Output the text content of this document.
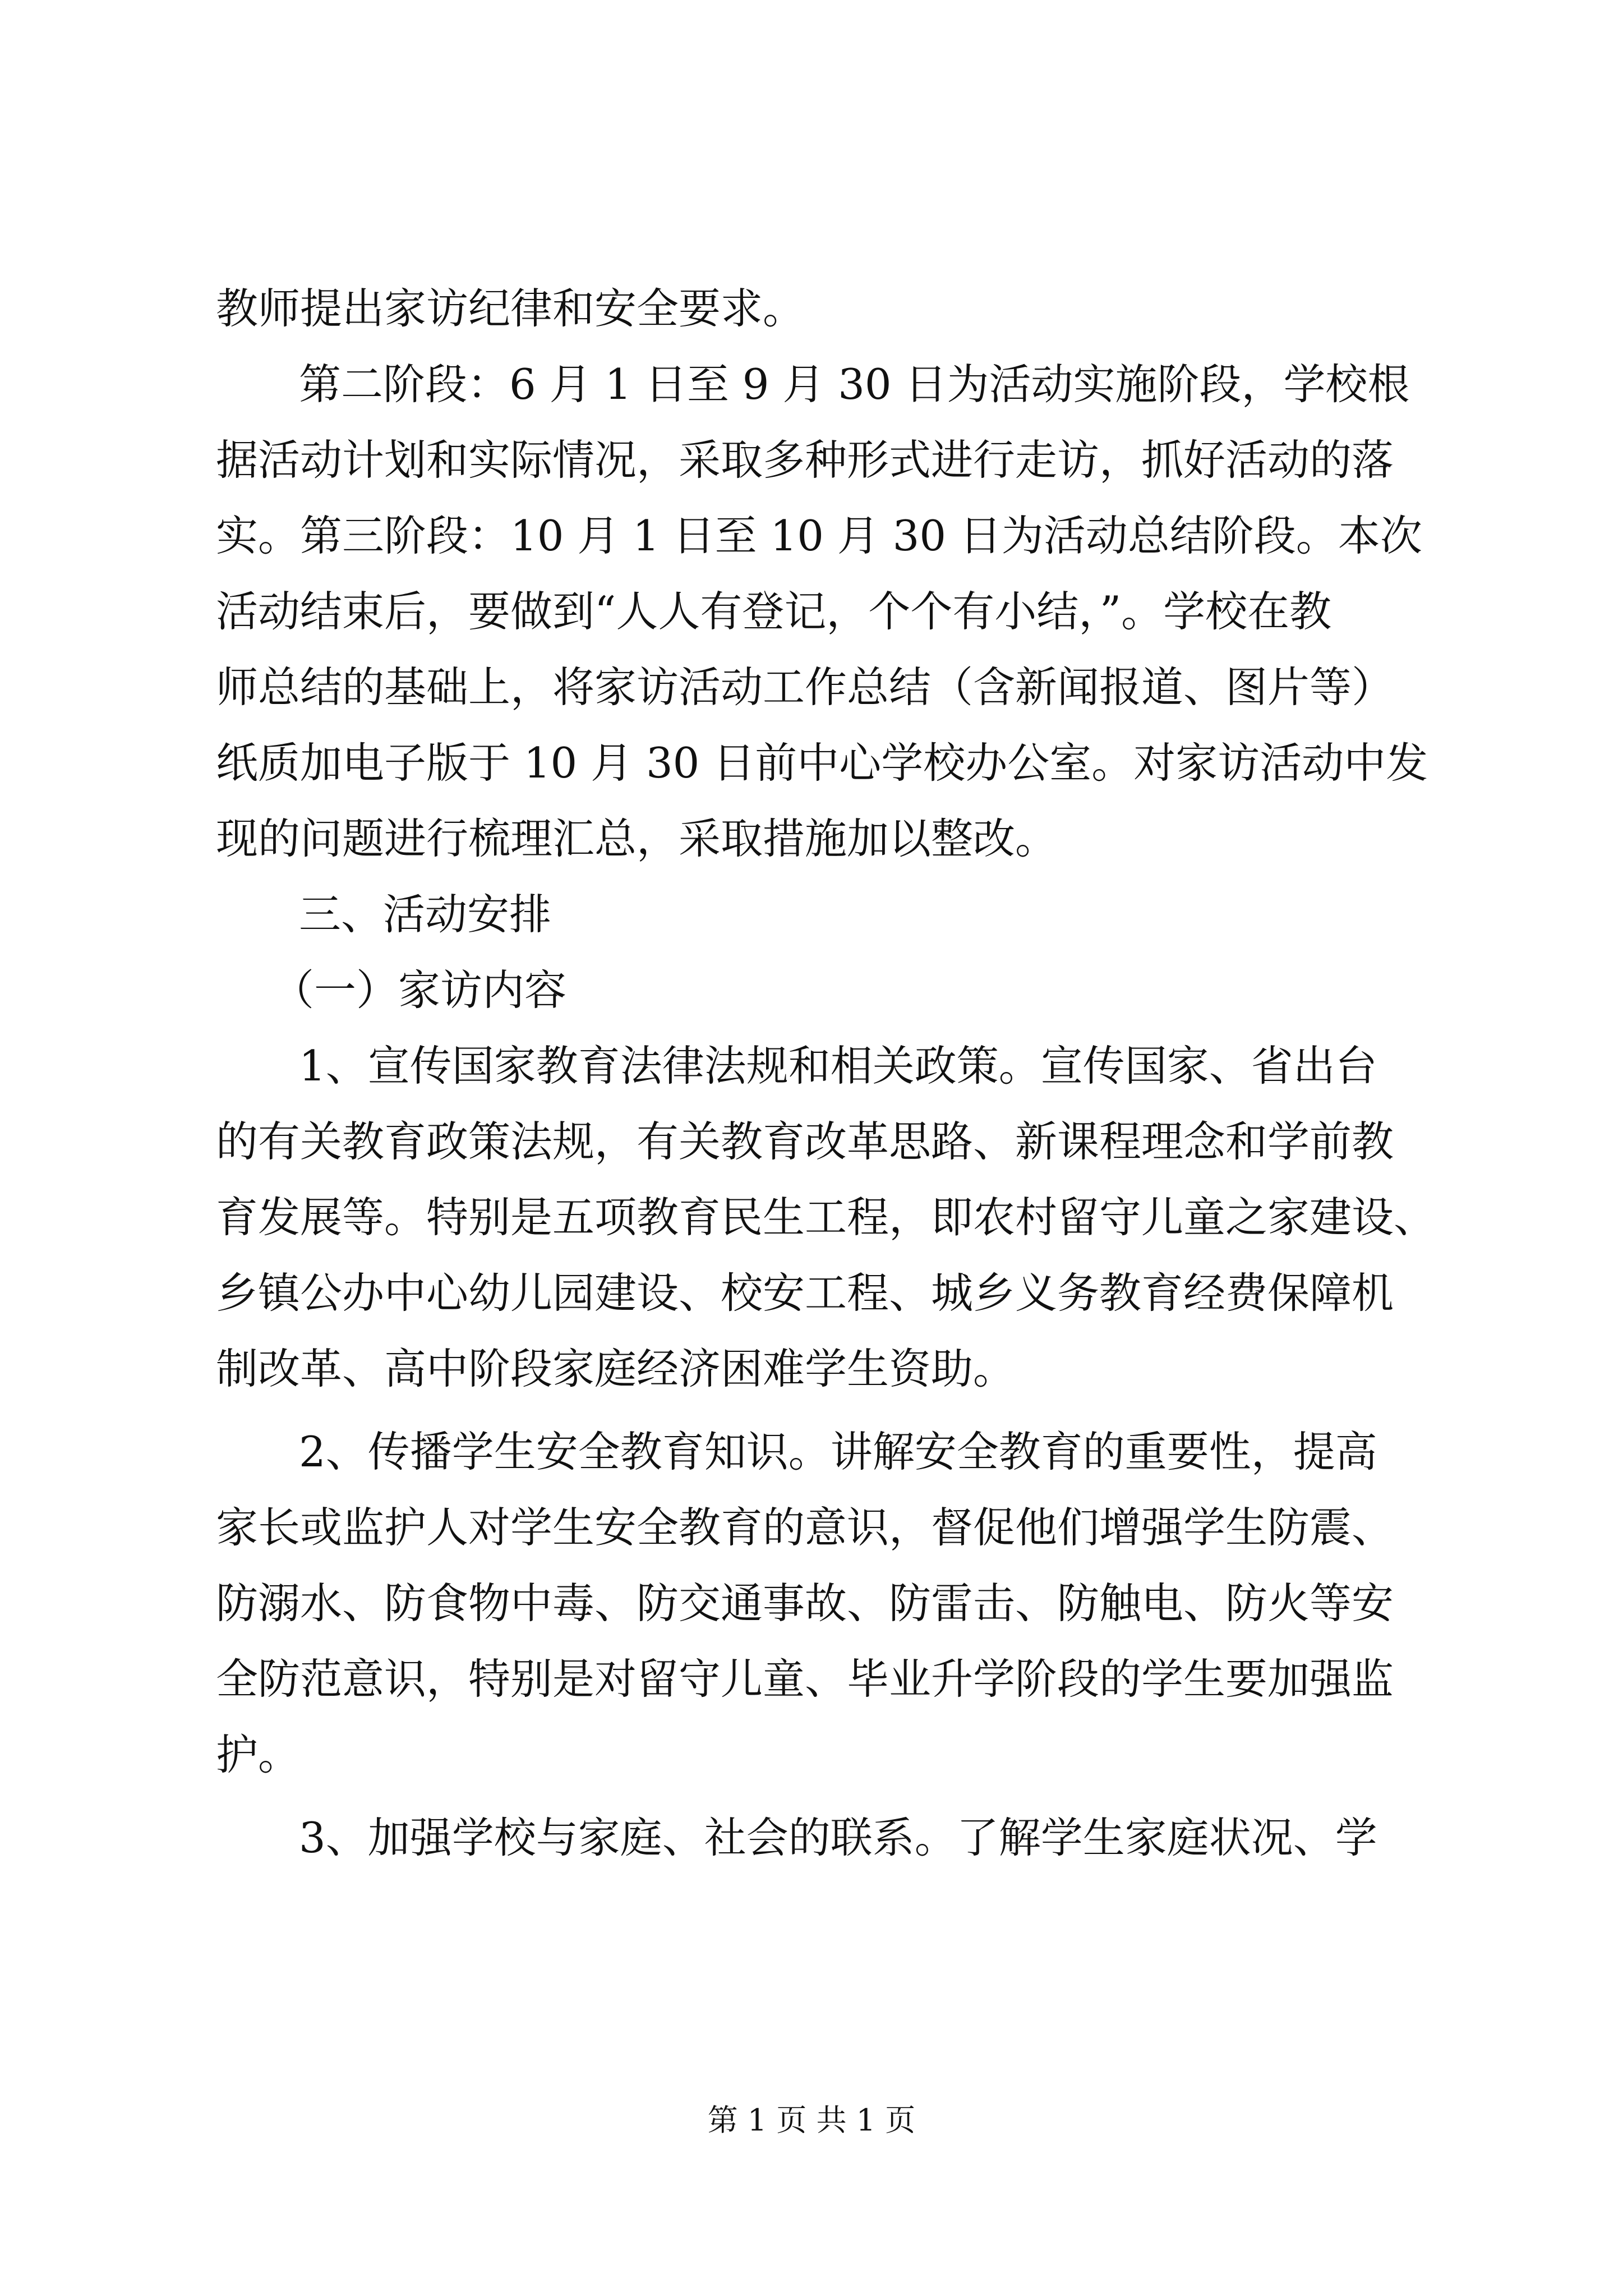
教师提出家访纪律和安全要求。
第二阶段：6 月 1 日至 9 月 30 日为活动实施阶段，学校根
据活动计划和实际情况，采取多种形式进行走访，抓好活动的落
实。第三阶段：10 月 1 日至 10 月 30 日为活动总结阶段。本次
活动结束后，要做到“人人有登记，个个有小结，”。学校在教
师总结的基础上，将家访活动工作总结（含新闻报道、图片等）
纸质加电子版于 10 月 30 日前中心学校办公室。对家访活动中发
现的问题进行梳理汇总，采取措施加以整改。
三、活动安排
（一）家访内容
1、宣传国家教育法律法规和相关政策。宣传国家、省出台
的有关教育政策法规，有关教育改革思路、新课程理念和学前教
育发展等。特别是五项教育民生工程，即农村留守儿童之家建设、
乡镇公办中心幼儿园建设、校安工程、城乡义务教育经费保障机
制改革、高中阶段家庭经济困难学生资助。
2、传播学生安全教育知识。讲解安全教育的重要性，提高
家长或监护人对学生安全教育的意识，督促他们增强学生防震、
防溺水、防食物中毒、防交通事故、防雷击、防触电、防火等安
全防范意识，特别是对留守儿童、毕业升学阶段的学生要加强监
护。
3、加强学校与家庭、社会的联系。了解学生家庭状况、学
第 1 页 共 1 页
